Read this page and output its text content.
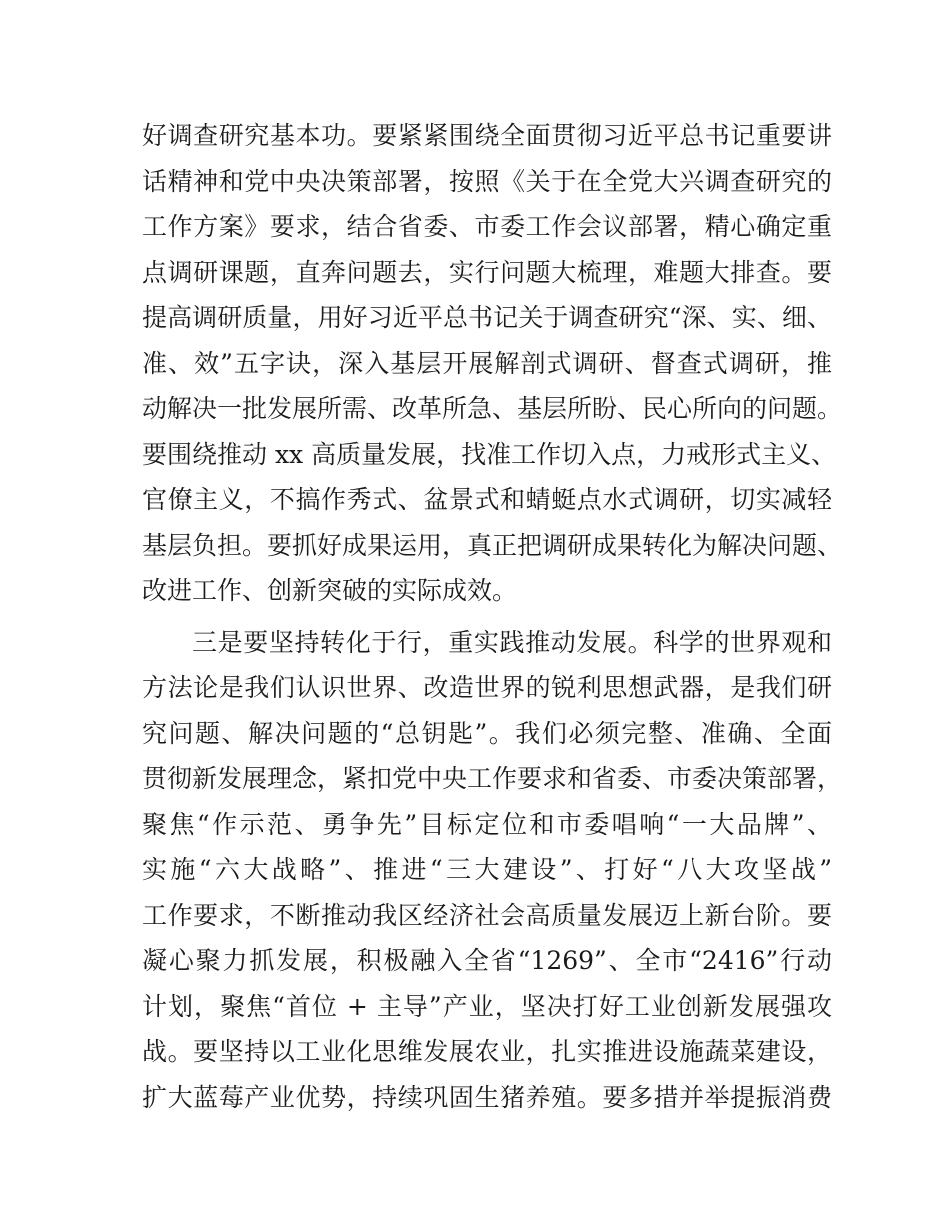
好调查研究基本功。要紧紧围绕全面贯彻习近平总书记重要讲
话精神和党中央决策部署，按照《关于在全党大兴调查研究的
工作方案》要求，结合省委、市委工作会议部署，精心确定重
点调研课题，直奔问题去，实行问题大梳理，难题大排查。要
提高调研质量，用好习近平总书记关于调查研究“深、实、细、
准、效”五字诀，深入基层开展解剖式调研、督查式调研，推
动解决一批发展所需、改革所急、基层所盼、民心所向的问题。
要围绕推动 xx 高质量发展，找准工作切入点，力戒形式主义、
官僚主义，不搞作秀式、盆景式和蜻蜓点水式调研，切实减轻
基层负担。要抓好成果运用，真正把调研成果转化为解决问题、
改进工作、创新突破的实际成效。
三是要坚持转化于行，重实践推动发展。科学的世界观和
方法论是我们认识世界、改造世界的锐利思想武器，是我们研
究问题、解决问题的“总钥匙”。我们必须完整、准确、全面
贯彻新发展理念，紧扣党中央工作要求和省委、市委决策部署，
聚焦“作示范、勇争先”目标定位和市委唱响“一大品牌”、
实施“六大战略”、推进“三大建设”、打好“八大攻坚战”
工作要求，不断推动我区经济社会高质量发展迈上新台阶。要
凝心聚力抓发展，积极融入全省“1269”、全市“2416”行动
计划，聚焦“首位 + 主导”产业，坚决打好工业创新发展强攻
战。要坚持以工业化思维发展农业，扎实推进设施蔬菜建设，
扩大蓝莓产业优势，持续巩固生猪养殖。要多措并举提振消费
